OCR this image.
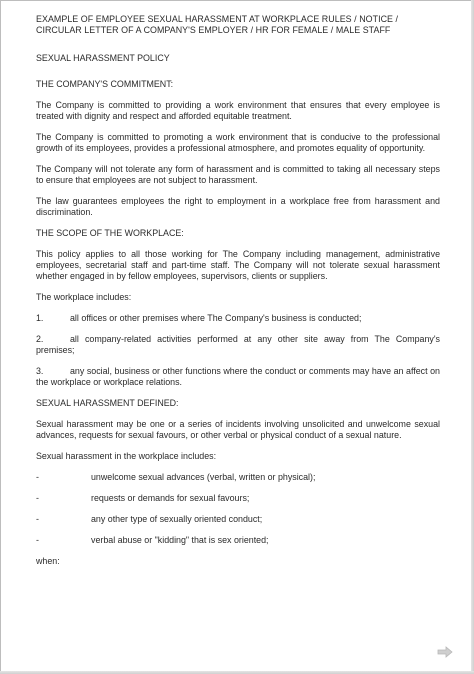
EXAMPLE OF EMPLOYEE SEXUAL HARASSMENT AT WORKPLACE RULES / NOTICE / CIRCULAR LETTER OF A COMPANY'S EMPLOYER / HR FOR FEMALE / MALE STAFF
SEXUAL HARASSMENT POLICY
THE COMPANY'S COMMITMENT:
The Company is committed to providing a work environment that ensures that every employee is treated with dignity and respect and afforded equitable treatment.
The Company is committed to promoting a work environment that is conducive to the professional growth of its employees, provides a professional atmosphere, and promotes equality of opportunity.
The Company will not tolerate any form of harassment and is committed to taking all necessary steps to ensure that employees are not subject to harassment.
The law guarantees employees the right to employment in a workplace free from harassment and discrimination.
THE SCOPE OF THE WORKPLACE:
This policy applies to all those working for The Company including management, administrative employees, secretarial staff and part-time staff. The Company will not tolerate sexual harassment whether engaged in by fellow employees, supervisors, clients or suppliers.
The workplace includes:
1.	all offices or other premises where The Company's business is conducted;
2.	all company-related activities performed at any other site away from The Company's premises;
3.	any social, business or other functions where the conduct or comments may have an affect on the workplace or workplace relations.
SEXUAL HARASSMENT DEFINED:
Sexual harassment may be one or a series of incidents involving unsolicited and unwelcome sexual advances, requests for sexual favours, or other verbal or physical conduct of a sexual nature.
Sexual harassment in the workplace includes:
-	unwelcome sexual advances (verbal, written or physical);
-	requests or demands for sexual favours;
-	any other type of sexually oriented conduct;
-	verbal abuse or "kidding" that is sex oriented;
when:
